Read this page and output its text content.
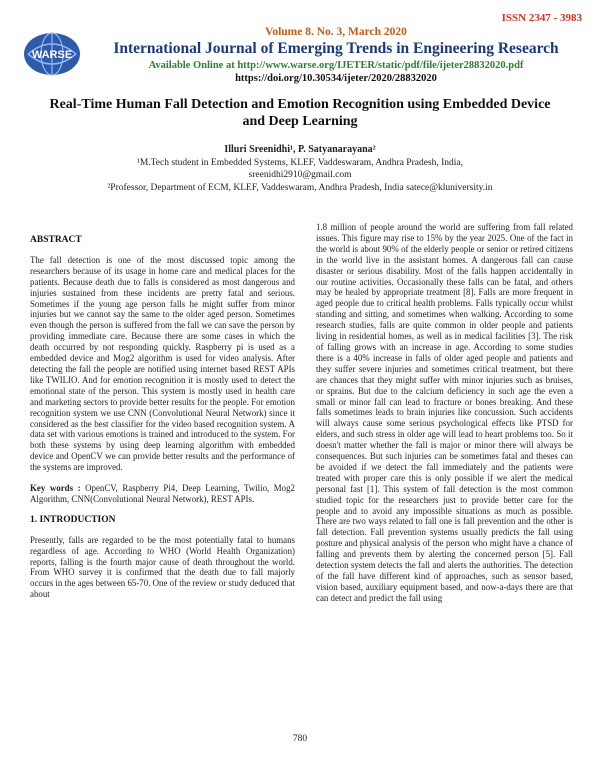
ISSN 2347 - 3983
WARSE
Volume 8. No. 3, March 2020
International Journal of Emerging Trends in Engineering Research
Available Online at http://www.warse.org/IJETER/static/pdf/file/ijeter28832020.pdf
https://doi.org/10.30534/ijeter/2020/28832020
Real-Time Human Fall Detection and Emotion Recognition using Embedded Device and Deep Learning
Illuri Sreenidhi¹, P. Satyanarayana²
¹M.Tech student in Embedded Systems, KLEF, Vaddeswaram, Andhra Pradesh, India,
sreenidhi2910@gmail.com
²Professor, Department of ECM, KLEF, Vaddeswaram, Andhra Pradesh, India satece@kluniversity.in
ABSTRACT

The fall detection is one of the most discussed topic among the researchers because of its usage in home care and medical places for the patients. Because death due to falls is considered as most dangerous and injuries sustained from these incidents are pretty fatal and serious. Sometimes if the young age person falls he might suffer from minor injuries but we cannot say the same to the older aged person. Sometimes even though the person is suffered from the fall we can save the person by providing immediate care. Because there are some cases in which the death occurred by not responding quickly. Raspberry pi is used as a embedded device and Mog2 algorithm is used for video analysis. After detecting the fall the people are notified using internet based REST APIs like TWILIO. And for emotion recognition it is mostly used to detect the emotional state of the person. This system is mostly used in health care and marketing sectors to provide better results for the people. For emotion recognition system we use CNN (Convolutional Neural Network) since it considered as the best classifier for the video based recognition system. A data set with various emotions is trained and introduced to the system. For both these systems by using deep learning algorithm with embedded device and OpenCV we can provide better results and the performance of the systems are improved.

Key words : OpenCV, Raspberry Pi4, Deep Learning, Twilio, Mog2 Algorithm, CNN(Convolutional Neural Network), REST APIs.

1. INTRODUCTION

Presently, falls are regarded to be the most potentially fatal to humans regardless of age. According to WHO (World Health Organization) reports, falling is the fourth major cause of death throughout the world. From WHO survey it is confirmed that the death due to fall majorly occurs in the ages between 65-70. One of the review or study deduced that about

1.8 million of people around the world are suffering from fall related issues. This figure may rise to 15% by the year 2025. One of the fact in the world is about 90% of the elderly people or senior or retired citizens in the world live in the assistant homes. A dangerous fall can cause disaster or serious disability. Most of the falls happen accidentally in our routine activities. Occasionally these falls can be fatal, and others may be healed by appropriate treatment [8]. Falls are more frequent in aged people due to critical health problems. Falls typically occur whilst standing and sitting, and sometimes when walking. According to some research studies, falls are quite common in older people and patients living in residential homes, as well as in medical facilities [3]. The risk of falling grows with an increase in age. According to some studies there is a 40% increase in falls of older aged people and patients and they suffer severe injuries and sometimes critical treatment, but there are chances that they might suffer with minor injuries such as bruises, or sprains. But due to the calcium deficiency in such age the even a small or minor fall can lead to fracture or bones breaking. And these falls sometimes leads to brain injuries like concussion. Such accidents will always cause some serious psychological effects like PTSD for elders, and such stress in older age will lead to heart problems too. So it doesn't matter whether the fall is major or minor there will always be consequences. But such injuries can be sometimes fatal and theses can be avoided if we detect the fall immediately and the patients were treated with proper care this is only possible if we alert the medical personal fast [1]. This system of fall detection is the most common studied topic for the researchers just to provide better care for the people and to avoid any impossible situations as much as possible. There are two ways related to fall one is fall prevention and the other is fall detection. Fall prevention systems usually predicts the fall using posture and physical analysis of the person who might have a chance of falling and prevents them by alerting the concerned person [5]. Fall detection system detects the fall and alerts the authorities. The detection of the fall have different kind of approaches, such as sensor based, vision based, auxiliary equipment based, and now-a-days there are that can detect and predict the fall using

780
